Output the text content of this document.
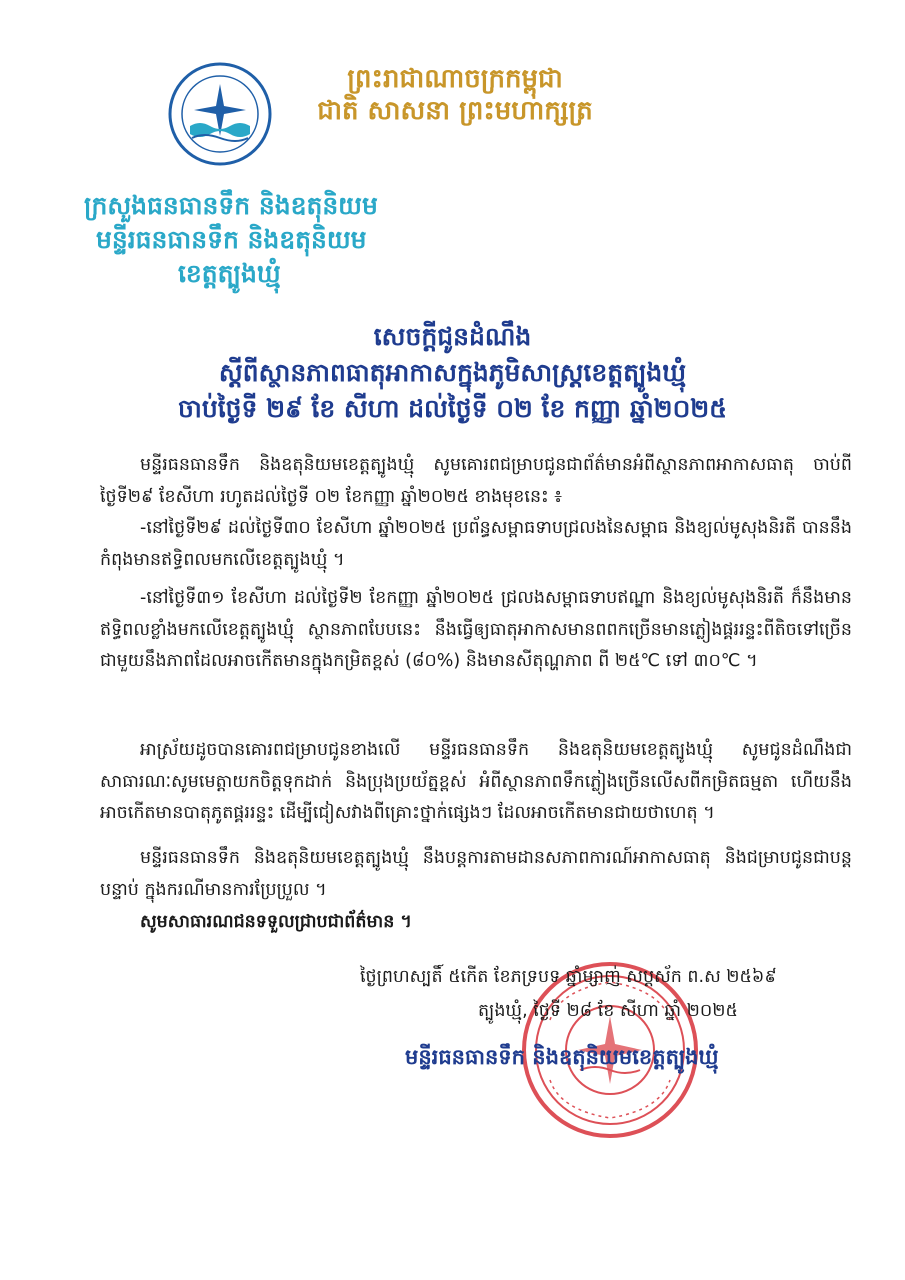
ព្រះរាជាណាចក្រកម្ពុជា
ជាតិ សាសនា ព្រះមហាក្សត្រ
ក្រសួងធនធានទឹក និងឧតុនិយម
មន្ទីរធនធានទឹក និងឧតុនិយម
ខេត្តត្បូងឃ្មុំ
សេចក្តីជូនដំណឹង
ស្តីពីស្ថានភាពធាតុអាកាសក្នុងភូមិសាស្ត្រខេត្តត្បូងឃ្មុំ
ចាប់ថ្ងៃទី ២៩ ខែ សីហា ដល់ថ្ងៃទី ០២ ខែ កញ្ញា ឆ្នាំ២០២៥

មន្ទីរធនធានទឹក និងឧតុនិយមខេត្តត្បូងឃ្មុំ សូមគោរពជម្រាបជូនជាព័ត៌មានអំពីស្ថានភាពអាកាសធាតុ ចាប់ពីថ្ងៃទី២៩ ខែសីហា រហូតដល់ថ្ងៃទី ០២ ខែកញ្ញា ឆ្នាំ២០២៥ ខាងមុខនេះ ៖

-នៅថ្ងៃទី២៩ ដល់ថ្ងៃទី៣០ ខែសីហា ឆ្នាំ២០២៥ ប្រព័ន្ធសម្ពាធទាបជ្រលងនៃសម្ពាធ និងខ្យល់មូសុងនិរតី បាននឹងកំពុងមានឥទ្ធិពលមកលើខេត្តត្បូងឃ្មុំ ។

-នៅថ្ងៃទី៣១ ខែសីហា ដល់ថ្ងៃទី២ ខែកញ្ញា ឆ្នាំ២០២៥ ជ្រលងសម្ពាធទាបឥណ្ឌា និងខ្យល់មូសុងនិរតី ក៏នឹងមានឥទ្ធិពលខ្លាំងមកលើខេត្តត្បូងឃ្មុំ ស្ថានភាពបែបនេះ នឹងធ្វើឲ្យធាតុអាកាសមានពពកច្រើនមានភ្លៀងផ្គររន្ទះពីតិចទៅច្រើន ជាមួយនឹងភាពដែលអាចកើតមានក្នុងកម្រិតខ្ពស់ (៨០%) និងមានសីតុណ្ហភាព ពី ២៥℃ ទៅ ៣០℃ ។

អាស្រ័យដូចបានគោរពជម្រាបជូនខាងលើ មន្ទីរធនធានទឹក និងឧតុនិយមខេត្តត្បូងឃ្មុំ សូមជូនដំណឹងជាសាធារណៈសូមមេត្តាយកចិត្តទុកដាក់ និងប្រុងប្រយ័ត្នខ្ពស់ អំពីស្ថានភាពទឹកភ្លៀងច្រើនលើសពីកម្រិតធម្មតា ហើយនឹងអាចកើតមានបាតុភូតផ្គររន្ទះ ដើម្បីជៀសវាងពីគ្រោះថ្នាក់ផ្សេងៗ ដែលអាចកើតមានជាយថាហេតុ ។

មន្ទីរធនធានទឹក និងឧតុនិយមខេត្តត្បូងឃ្មុំ នឹងបន្តការតាមដានសភាពការណ៍អាកាសធាតុ និងជម្រាបជូនជាបន្តបន្ទាប់ ក្នុងករណីមានការប្រែប្រួល ។

សូមសាធារណជនទទួលជ្រាបជាព័ត៌មាន ។

ថ្ងៃព្រហស្បតិ៍ ៥កើត ខែភទ្របទ ឆ្នាំម្សាញ់ សប្តស័ក ព.ស ២៥៦៩
ត្បូងឃ្មុំ, ថ្ងៃទី ២៨ ខែ សីហា ឆ្នាំ ២០២៥
មន្ទីរធនធានទឹក និងឧតុនិយមខេត្តត្បូងឃ្មុំ
